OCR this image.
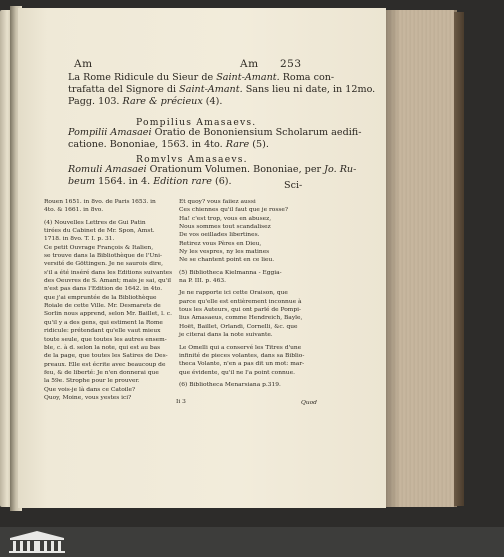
Am	Am 253
La Rome Ridicule du Sieur de Saint-Amant. Roma con-
trafatta del Signore di Saint-Amant. Sans lieu ni date, in 12mo.
Pagg. 103. Rare & précieux (4).
Pompilius Amasaevs.
Pompilii Amasaei Oratio de Bononiensium Scholarum aedifi-
catione. Bononiae, 1563. in 4to. Rare (5).
Romvlvs Amasaevs.
Romuli Amasaei Orationum Volumen. Bononiae, per Jo. Ru-
beum 1564. in 4. Edition rare (6).	Sci-
Rouen 1651. in 8vo. de Paris 1653. in
4to. & 1661. in 8vo.
(4) Nouvelles Lettres de Gui Patin
tirées du Cabinet de Mr. Spon, Amst.
1718. in 8vo. T. I. p. 31.
Ce petit Ouvrage François & Italien,
se trouve dans la Bibliothèque de l'Uni-
versité de Göttingen. Je ne saurois dire,
s'il a été inséré dans les Editions suivantes
des Oeuvres de S. Amant; mais je sai, qu'il
n'est pas dans l'Edition de 1642. in 4to.
que j'ai empruntée de la Bibliothèque
Roiale de cette Ville. Mr. Desmarets de
Sorlin nous apprend, selon Mr. Baillet, l. c.
qu'il y a des gens, qui estiment la Rome
ridicule: prétendant qu'elle vaut mieux
toute seule, que toutes les autres ensem-
ble, c. à d. selon la note, qui est au bas
de la page, que toutes les Satires de Des-
preaux. Elle est écrite avec beaucoup de
feu, & de liberté: Je n'en donnerai que
la 59e. Strophe pour le prouver.
Que vois-je là dans ce Catoile?
Quoy, Moine, vous yestes ici?
Et quoy? vous faiiez aussi
Ces chiennes qu'il faut que je rosse?
Ha! c'est trop, vous en abusez,
Nous sommes tout scandalisez
De vos oeillades libertines.
Retirez vous Pères en Dieu,
Ny les vespres, ny les matines
Ne se chantent point en ce lieu.
(5) Bibliotheca Kielmanna - Eggia-
na P. III. p. 463.
Je ne rapporte ici cette Oraison, que
parce qu'elle est entièrement inconnue à
tous les Auteurs, qui ont parlé de Pompi-
lius Amasaeus, comme Hendreich, Bayle,
Hoët, Baillet, Orlandi, Cornelli, &c. que
je citerai dans la note suivante.
Le Omelli qui a conservé les Titres d'une
infinité de pieces volantes, dans sa Biblio-
theca Volante, n'en a pas dit un mot: mar-
que évidente, qu'il ne l'a point connue.
(6) Bibliotheca Menarsiana p.319.
Ii 3	Quod
